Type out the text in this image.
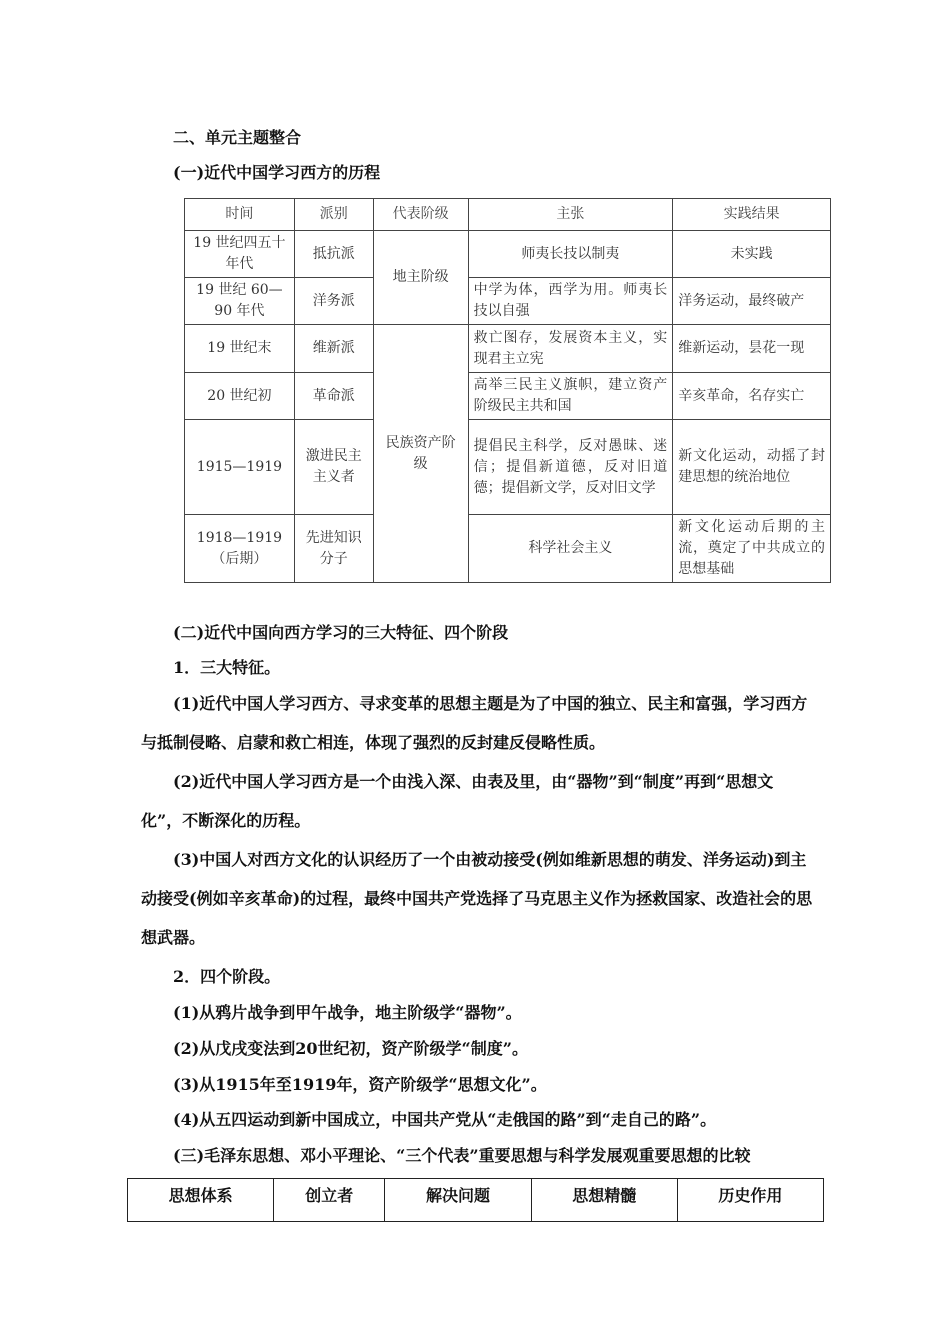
二、单元主题整合
(一)近代中国学习西方的历程
时间	派别	代表阶级	主张	实践结果
19 世纪四五十年代	抵抗派	地主阶级	师夷长技以制夷	未实践
19 世纪 60—90 年代	洋务派		中学为体，西学为用。师夷长技以自强	洋务运动，最终破产
19 世纪末	维新派	民族资产阶级	救亡图存，发展资本主义，实现君主立宪	维新运动，昙花一现
20 世纪初	革命派		高举三民主义旗帜，建立资产阶级民主共和国	辛亥革命，名存实亡
1915—1919	激进民主主义者		提倡民主科学，反对愚昧、迷信；提倡新道德，反对旧道德；提倡新文学，反对旧文学	新文化运动，动摇了封建思想的统治地位
1918—1919（后期）	先进知识分子		科学社会主义	新文化运动后期的主流，奠定了中共成立的思想基础
(二)近代中国向西方学习的三大特征、四个阶段
1．三大特征。
(1)近代中国人学习西方、寻求变革的思想主题是为了中国的独立、民主和富强，学习西方与抵制侵略、启蒙和救亡相连，体现了强烈的反封建反侵略性质。
(2)近代中国人学习西方是一个由浅入深、由表及里，由“器物”到“制度”再到“思想文化”，不断深化的历程。
(3)中国人对西方文化的认识经历了一个由被动接受(例如维新思想的萌发、洋务运动)到主动接受(例如辛亥革命)的过程，最终中国共产党选择了马克思主义作为拯救国家、改造社会的思想武器。
2．四个阶段。
(1)从鸦片战争到甲午战争，地主阶级学“器物”。
(2)从戊戌变法到20世纪初，资产阶级学“制度”。
(3)从1915年至1919年，资产阶级学“思想文化”。
(4)从五四运动到新中国成立，中国共产党从“走俄国的路”到“走自己的路”。
(三)毛泽东思想、邓小平理论、“三个代表”重要思想与科学发展观重要思想的比较
思想体系	创立者	解决问题	思想精髓	历史作用
